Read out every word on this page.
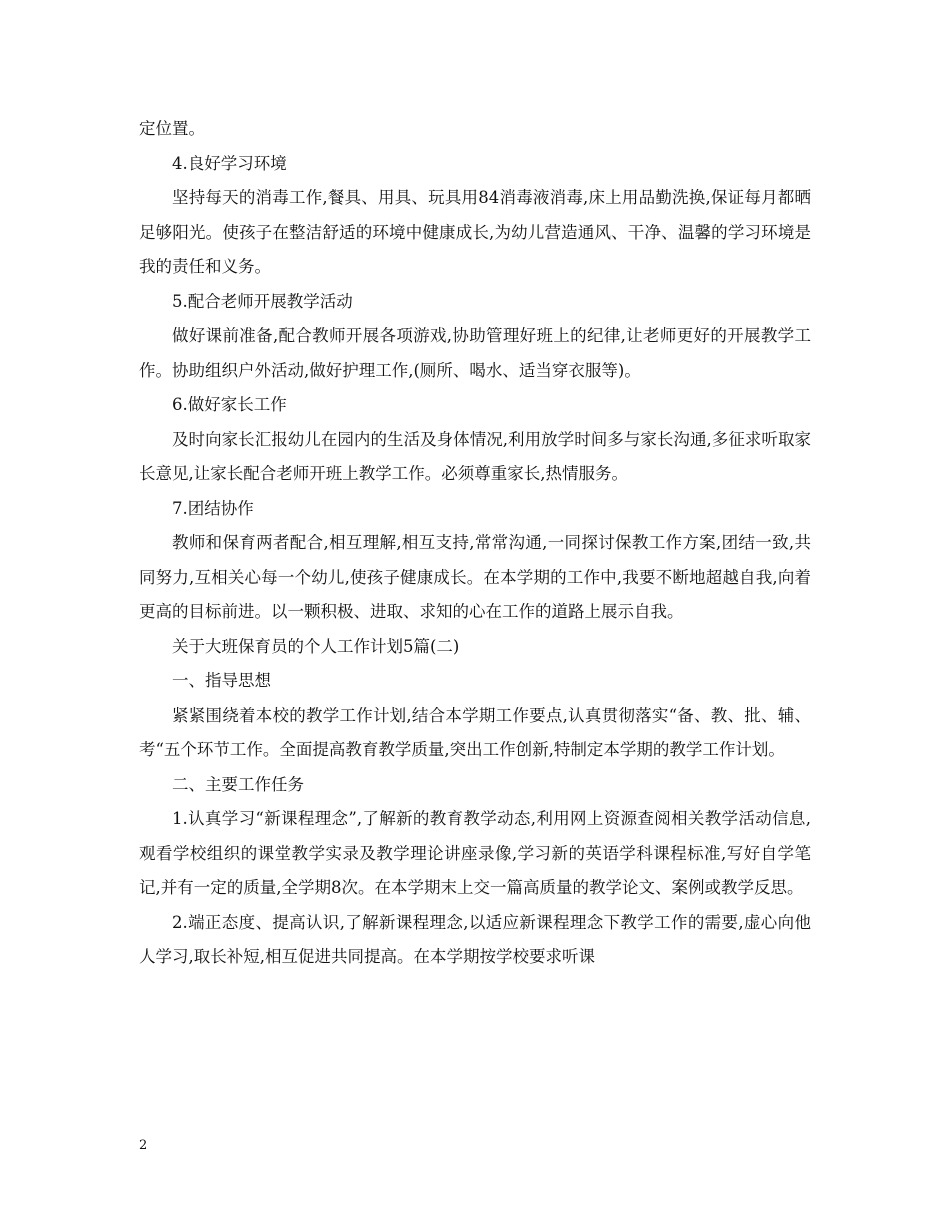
定位置。

4.良好学习环境

坚持每天的消毒工作,餐具、用具、玩具用84消毒液消毒,床上用品勤洗换,保证每月都晒足够阳光。使孩子在整洁舒适的环境中健康成长,为幼儿营造通风、干净、温馨的学习环境是我的责任和义务。

5.配合老师开展教学活动

做好课前准备,配合教师开展各项游戏,协助管理好班上的纪律,让老师更好的开展教学工作。协助组织户外活动,做好护理工作,(厕所、喝水、适当穿衣服等)。

6.做好家长工作

及时向家长汇报幼儿在园内的生活及身体情况,利用放学时间多与家长沟通,多征求听取家长意见,让家长配合老师开班上教学工作。必须尊重家长,热情服务。

7.团结协作

教师和保育两者配合,相互理解,相互支持,常常沟通,一同探讨保教工作方案,团结一致,共同努力,互相关心每一个幼儿,使孩子健康成长。在本学期的工作中,我要不断地超越自我,向着更高的目标前进。以一颗积极、进取、求知的心在工作的道路上展示自我。

关于大班保育员的个人工作计划5篇(二)

一、指导思想

紧紧围绕着本校的教学工作计划,结合本学期工作要点,认真贯彻落实“备、教、批、辅、考“五个环节工作。全面提高教育教学质量,突出工作创新,特制定本学期的教学工作计划。

二、主要工作任务

1.认真学习“新课程理念”,了解新的教育教学动态,利用网上资源查阅相关教学活动信息,观看学校组织的课堂教学实录及教学理论讲座录像,学习新的英语学科课程标准,写好自学笔记,并有一定的质量,全学期8次。在本学期末上交一篇高质量的教学论文、案例或教学反思。

2.端正态度、提高认识,了解新课程理念,以适应新课程理念下教学工作的需要,虚心向他人学习,取长补短,相互促进共同提高。在本学期按学校要求听课

2
